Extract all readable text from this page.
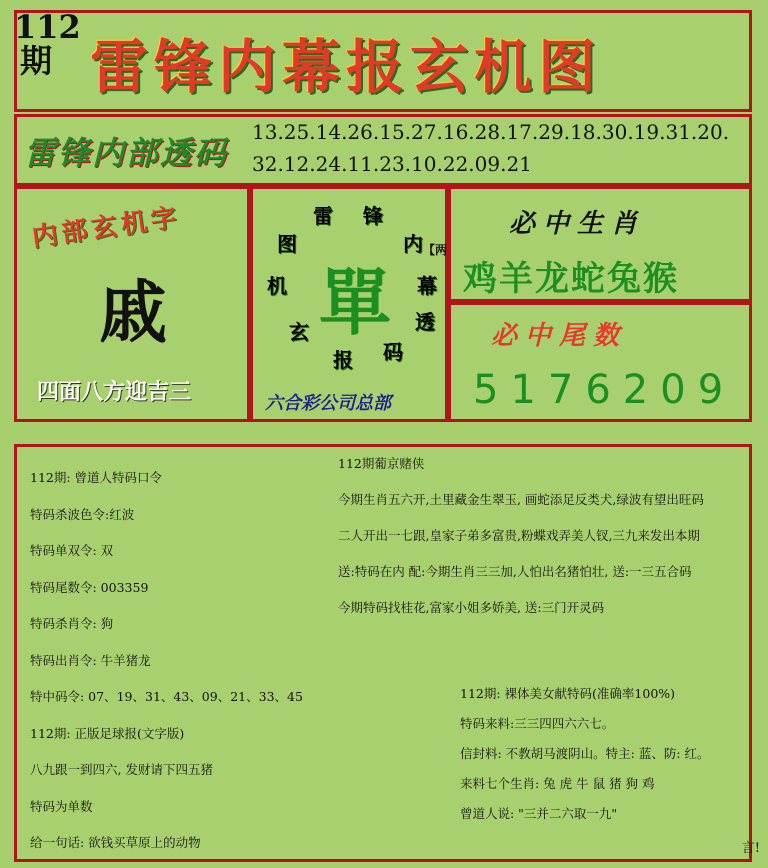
112
期 雷锋内幕报玄机图
雷锋内部透码
13.25.14.26.15.27.16.28.17.29.18.30.19.31.20.
32.12.24.11.23.10.22.09.21
内部玄机字
戚
四面八方迎吉三
雷 锋
内
幕
透
码
报
玄
机
图
單
【两
六合彩公司总部
必中生肖
鸡羊龙蛇兔猴
必中尾数
5176209
112期: 曾道人特码口令
特码杀波色令:红波
特码单双令: 双
特码尾数令: 003359
特码杀肖令: 狗
特码出肖令: 牛羊猪龙
特中码令: 07、19、31、43、09、21、33、45
112期: 正版足球报(文字版)
八九跟一到四六, 发财请下四五猪
特码为单数
给一句话: 欲钱买草原上的动物
112期葡京赌侠
今期生肖五六开,土里藏金生翠玉, 画蛇添足反类犬,绿波有望出旺码
二人开出一七跟,皇家子弟多富贵,粉蝶戏弄美人钗,三九来发出本期
送:特码在内 配:今期生肖三三加,人怕出名猪怕壮, 送:一三五合码
今期特码找桂花,富家小姐多娇美, 送:三门开灵码
112期: 裸体美女献特码(准确率100%)
特码来料:三三四四六六七。
信封料: 不教胡马渡阴山。特主: 蓝、防: 红。
来料七个生肖: 兔 虎 牛 鼠 猪 狗 鸡
曾道人说: "三并二六取一九"
言!
